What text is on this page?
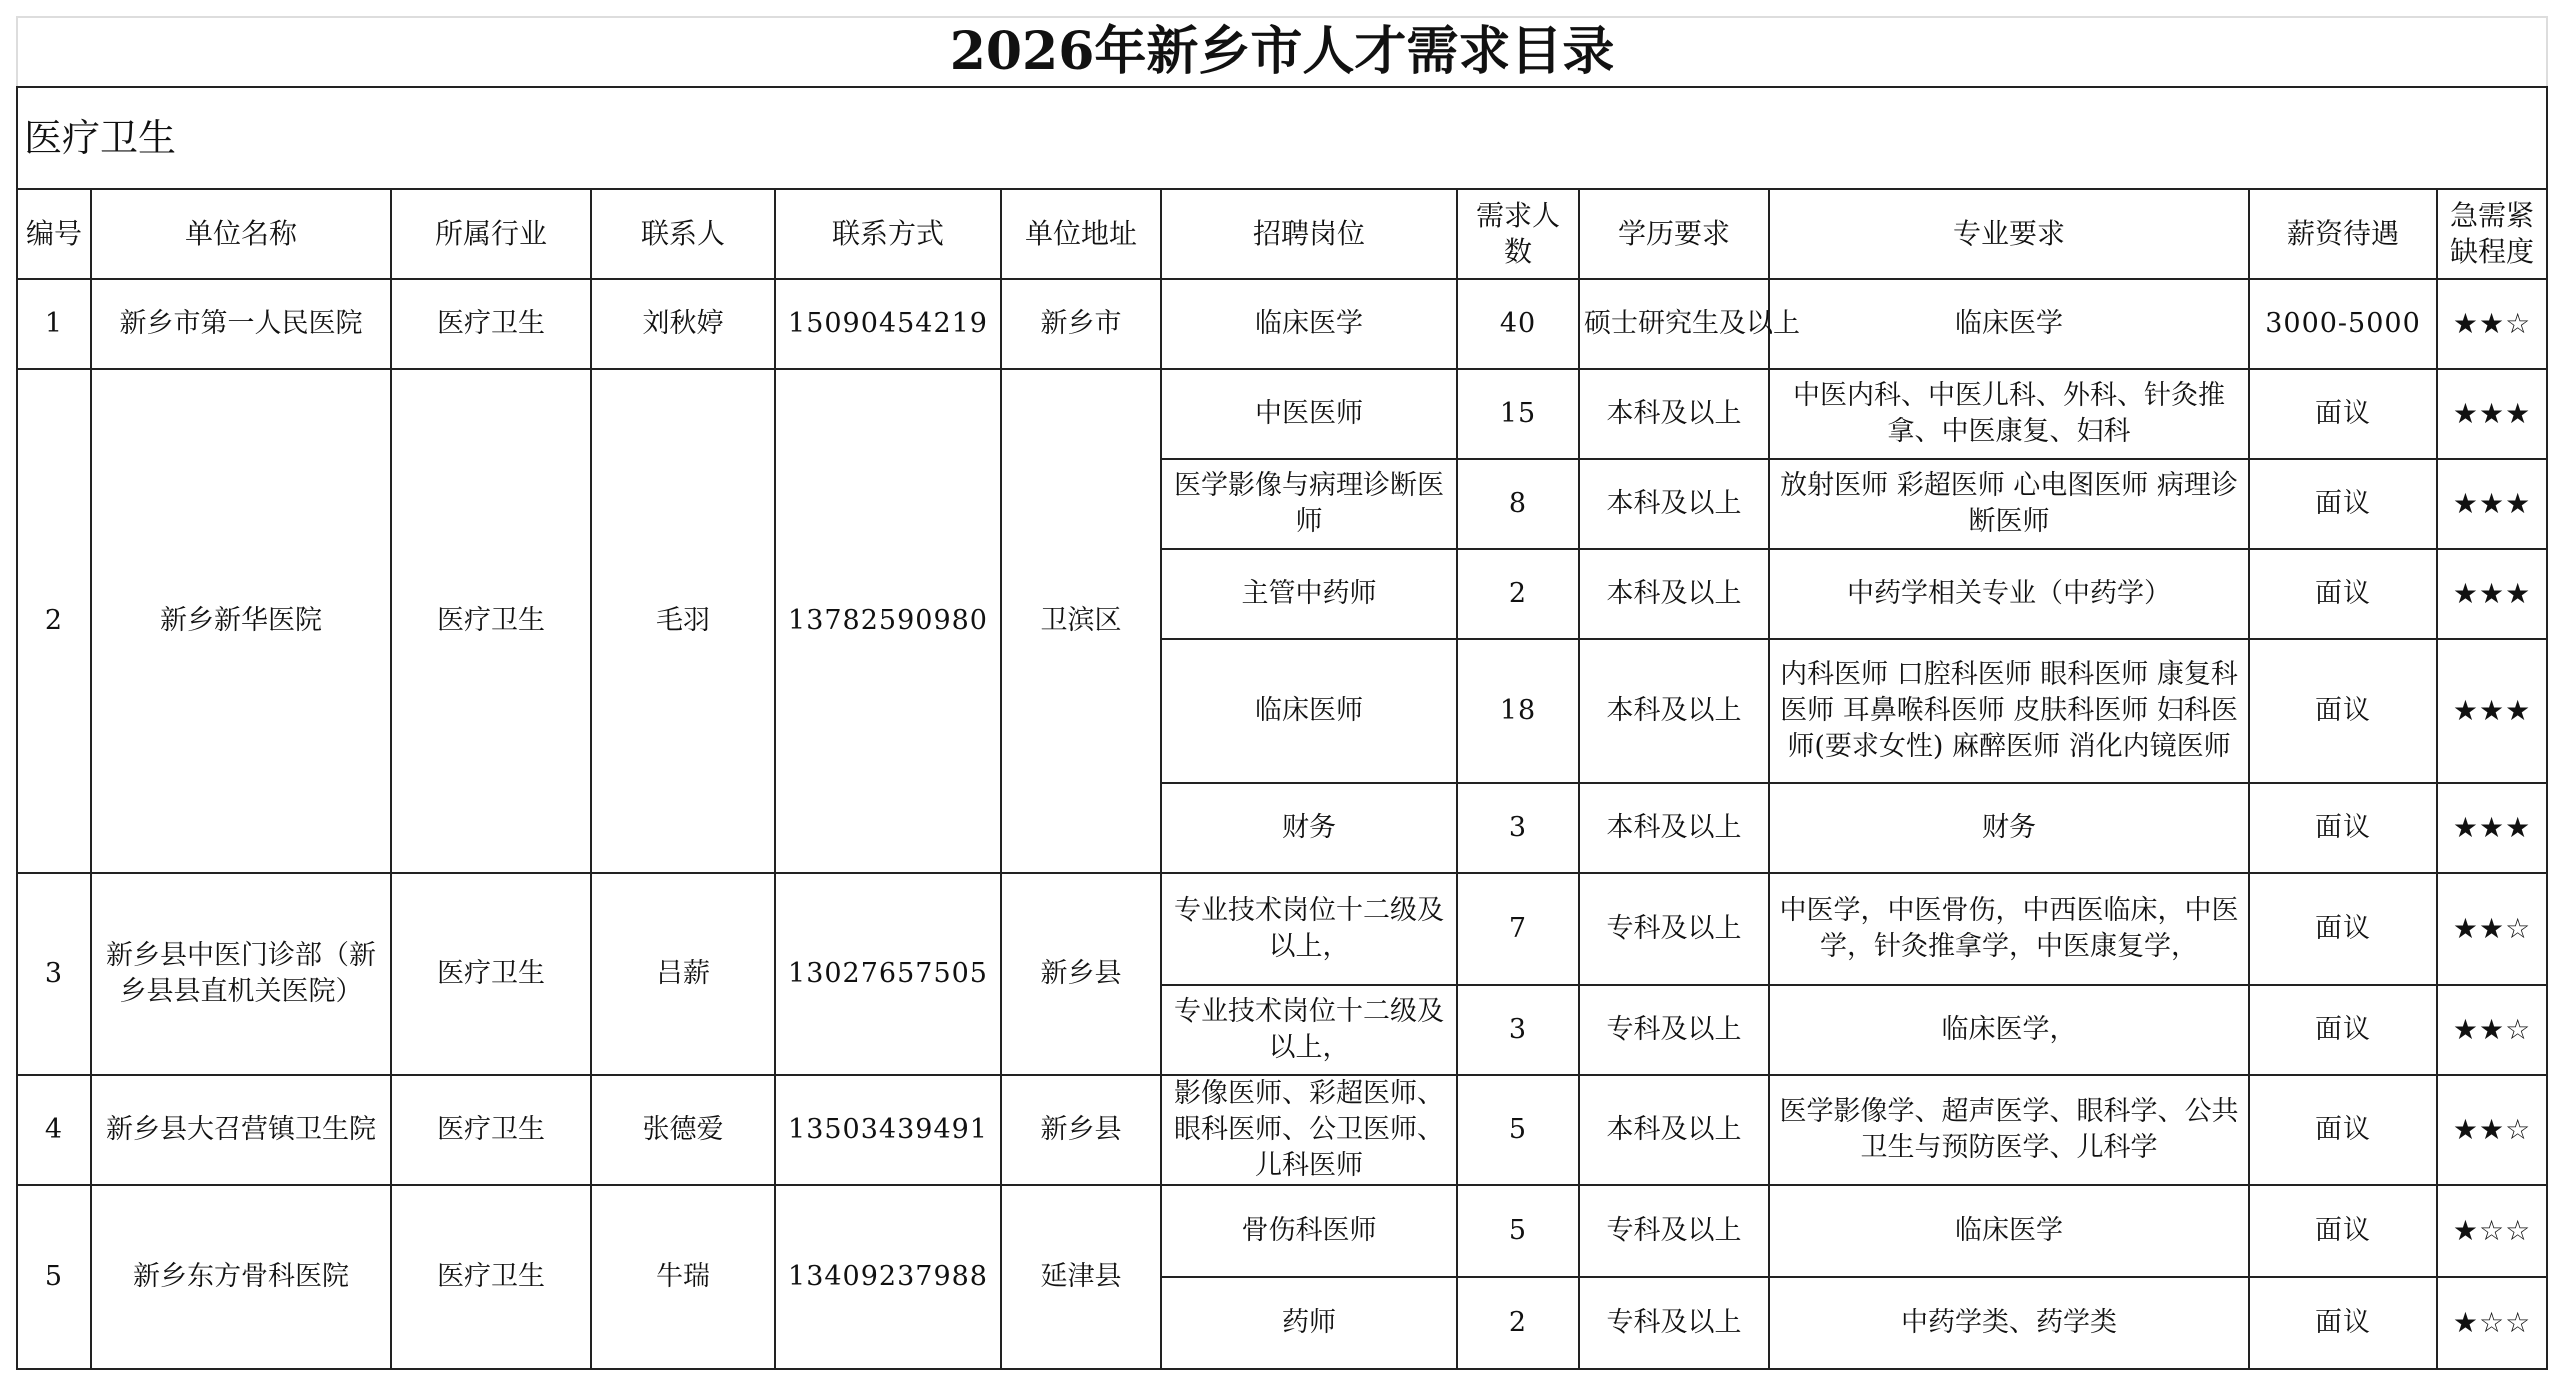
2026年新乡市人才需求目录											
医疗卫生											
编号	单位名称	所属行业	联系人	联系方式	单位地址	招聘岗位	需求人数	学历要求	专业要求	薪资待遇	急需紧缺程度
1	新乡市第一人民医院	医疗卫生	刘秋婷	15090454219	新乡市	临床医学	40	硕士研究生及以上	临床医学	3000-5000	★★☆
2	新乡新华医院	医疗卫生	毛羽	13782590980	卫滨区	中医医师	15	本科及以上	中医内科、中医儿科、外科、针灸推拿、中医康复、妇科	面议	★★★
						医学影像与病理诊断医师	8	本科及以上	放射医师 彩超医师 心电图医师 病理诊断医师	面议	★★★
						主管中药师	2	本科及以上	中药学相关专业（中药学）	面议	★★★
						临床医师	18	本科及以上	内科医师 口腔科医师 眼科医师 康复科医师 耳鼻喉科医师 皮肤科医师 妇科医师(要求女性) 麻醉医师 消化内镜医师	面议	★★★
						财务	3	本科及以上	财务	面议	★★★
3	新乡县中医门诊部（新乡县县直机关医院）	医疗卫生	吕薪	13027657505	新乡县	专业技术岗位十二级及以上，	7	专科及以上	中医学，中医骨伤，中西医临床，中医学，针灸推拿学，中医康复学，	面议	★★☆
						专业技术岗位十二级及以上，	3	专科及以上	临床医学，	面议	★★☆
4	新乡县大召营镇卫生院	医疗卫生	张德爱	13503439491	新乡县	影像医师、彩超医师、眼科医师、公卫医师、儿科医师	5	本科及以上	医学影像学、超声医学、眼科学、公共卫生与预防医学、儿科学	面议	★★☆
5	新乡东方骨科医院	医疗卫生	牛瑞	13409237988	延津县	骨伤科医师	5	专科及以上	临床医学	面议	★☆☆
						药师	2	专科及以上	中药学类、药学类	面议	★☆☆
